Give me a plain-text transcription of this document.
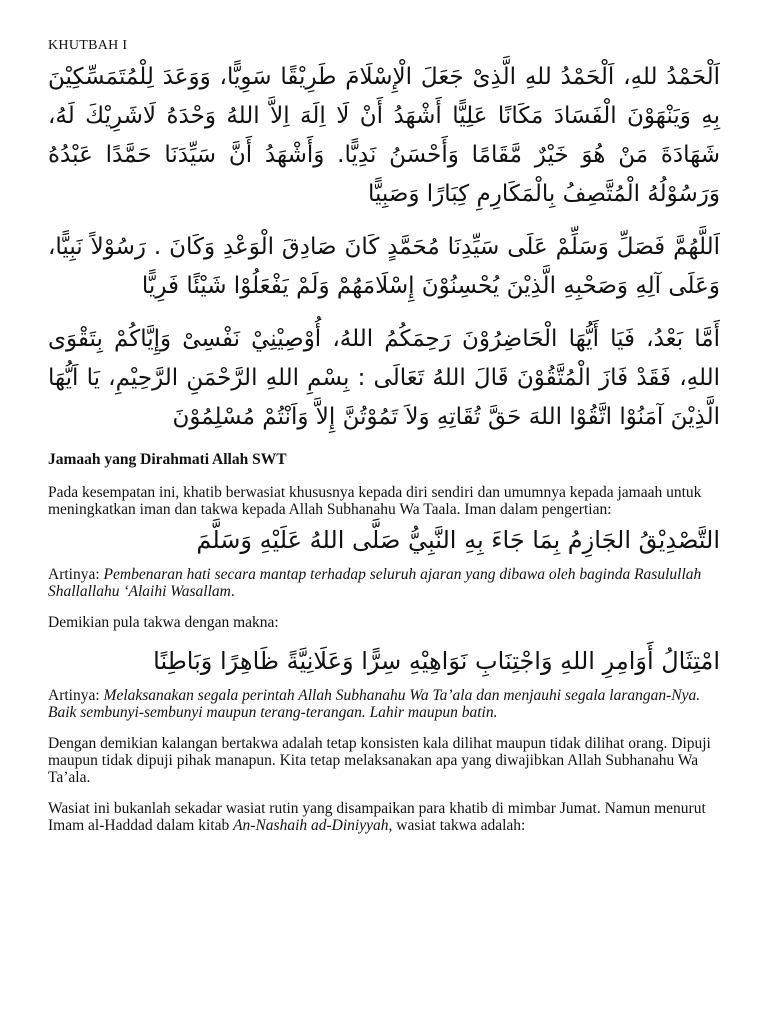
KHUTBAH I

اَلْحَمْدُ للهِ، اَلْحَمْدُ للهِ الَّذِىْ جَعَلَ الْإِسْلَامَ طَرِيْقًا سَوِيًّا، وَوَعَدَ لِلْمُتَمَسِّكِيْنَ بِهِ وَيَنْهَوْنَ الْفَسَادَ مَكَانًا عَلِيًّا أَشْهَدُ أَنْ لَا اِلَهَ اِلاَّ اللهُ وَحْدَهُ لَاشَرِيْكَ لَهُ، شَهَادَةَ مَنْ هُوَ خَيْرٌ مَّقَامًا وَأَحْسَنُ نَدِيًّا. وَأَشْهَدُ أَنَّ سَيِّدَنَا حَمَّدًا عَبْدُهُ وَرَسُوْلُهُ الْمُتَّصِفُ بِالْمَكَارِمِ كِبَارًا وَصَبِيًّا

اَللَّهُمَّ فَصَلِّ وَسَلِّمْ عَلَى سَيِّدِنَا مُحَمَّدٍ كَانَ صَادِقَ الْوَعْدِ وَكَانَ . رَسُوْلاً نَبِيًّا، وَعَلَى آلِهِ وَصَحْبِهِ الَّذِيْنَ يُحْسِنُوْنَ إِسْلَامَهُمْ وَلَمْ يَفْعَلُوْا شَيْئًا فَرِيًّا

أَمَّا بَعْدُ، فَيَا أَيُّهَا الْحَاضِرُوْنَ رَحِمَكُمُ اللهُ، أُوْصِيْنِيْ نَفْسِىْ وَإِيَّاكُمْ بِتَقْوَى اللهِ، فَقَدْ فَازَ الْمُتَّقُوْنَ قَالَ اللهُ تَعَالَى : بِسْمِ اللهِ الرَّحْمَنِ الرَّحِيْمِ، يَا اَيُّهَا الَّذِيْنَ آمَنُوْا اتَّقُوْا اللهَ حَقَّ تُقَاتِهِ وَلاَ تَمُوْتُنَّ إِلاَّ وَاَنْتُمْ مُسْلِمُوْنَ

Jamaah yang Dirahmati Allah SWT

Pada kesempatan ini, khatib berwasiat khususnya kepada diri sendiri dan umumnya kepada jamaah untuk meningkatkan iman dan takwa kepada Allah Subhanahu Wa Taala. Iman dalam pengertian:

التَّصْدِيْقُ الجَازِمُ بِمَا جَاءَ بِهِ النَّبِيُّ صَلَّى اللهُ عَلَيْهِ وَسَلَّمَ

Artinya: Pembenaran hati secara mantap terhadap seluruh ajaran yang dibawa oleh baginda Rasulullah Shallallahu ‘Alaihi Wasallam.

Demikian pula takwa dengan makna:

امْتِثَالُ أَوَامِرِ اللهِ وَاجْتِنَابِ نَوَاهِيْهِ سِرًّا وَعَلَانِيَّةً ظَاهِرًا وَبَاطِنًا

Artinya: Melaksanakan segala perintah Allah Subhanahu Wa Ta’ala dan menjauhi segala larangan-Nya. Baik sembunyi-sembunyi maupun terang-terangan. Lahir maupun batin.

Dengan demikian kalangan bertakwa adalah tetap konsisten kala dilihat maupun tidak dilihat orang. Dipuji maupun tidak dipuji pihak manapun. Kita tetap melaksanakan apa yang diwajibkan Allah Subhanahu Wa Ta’ala.

Wasiat ini bukanlah sekadar wasiat rutin yang disampaikan para khatib di mimbar Jumat. Namun menurut Imam al-Haddad dalam kitab An-Nashaih ad-Diniyyah, wasiat takwa adalah:
